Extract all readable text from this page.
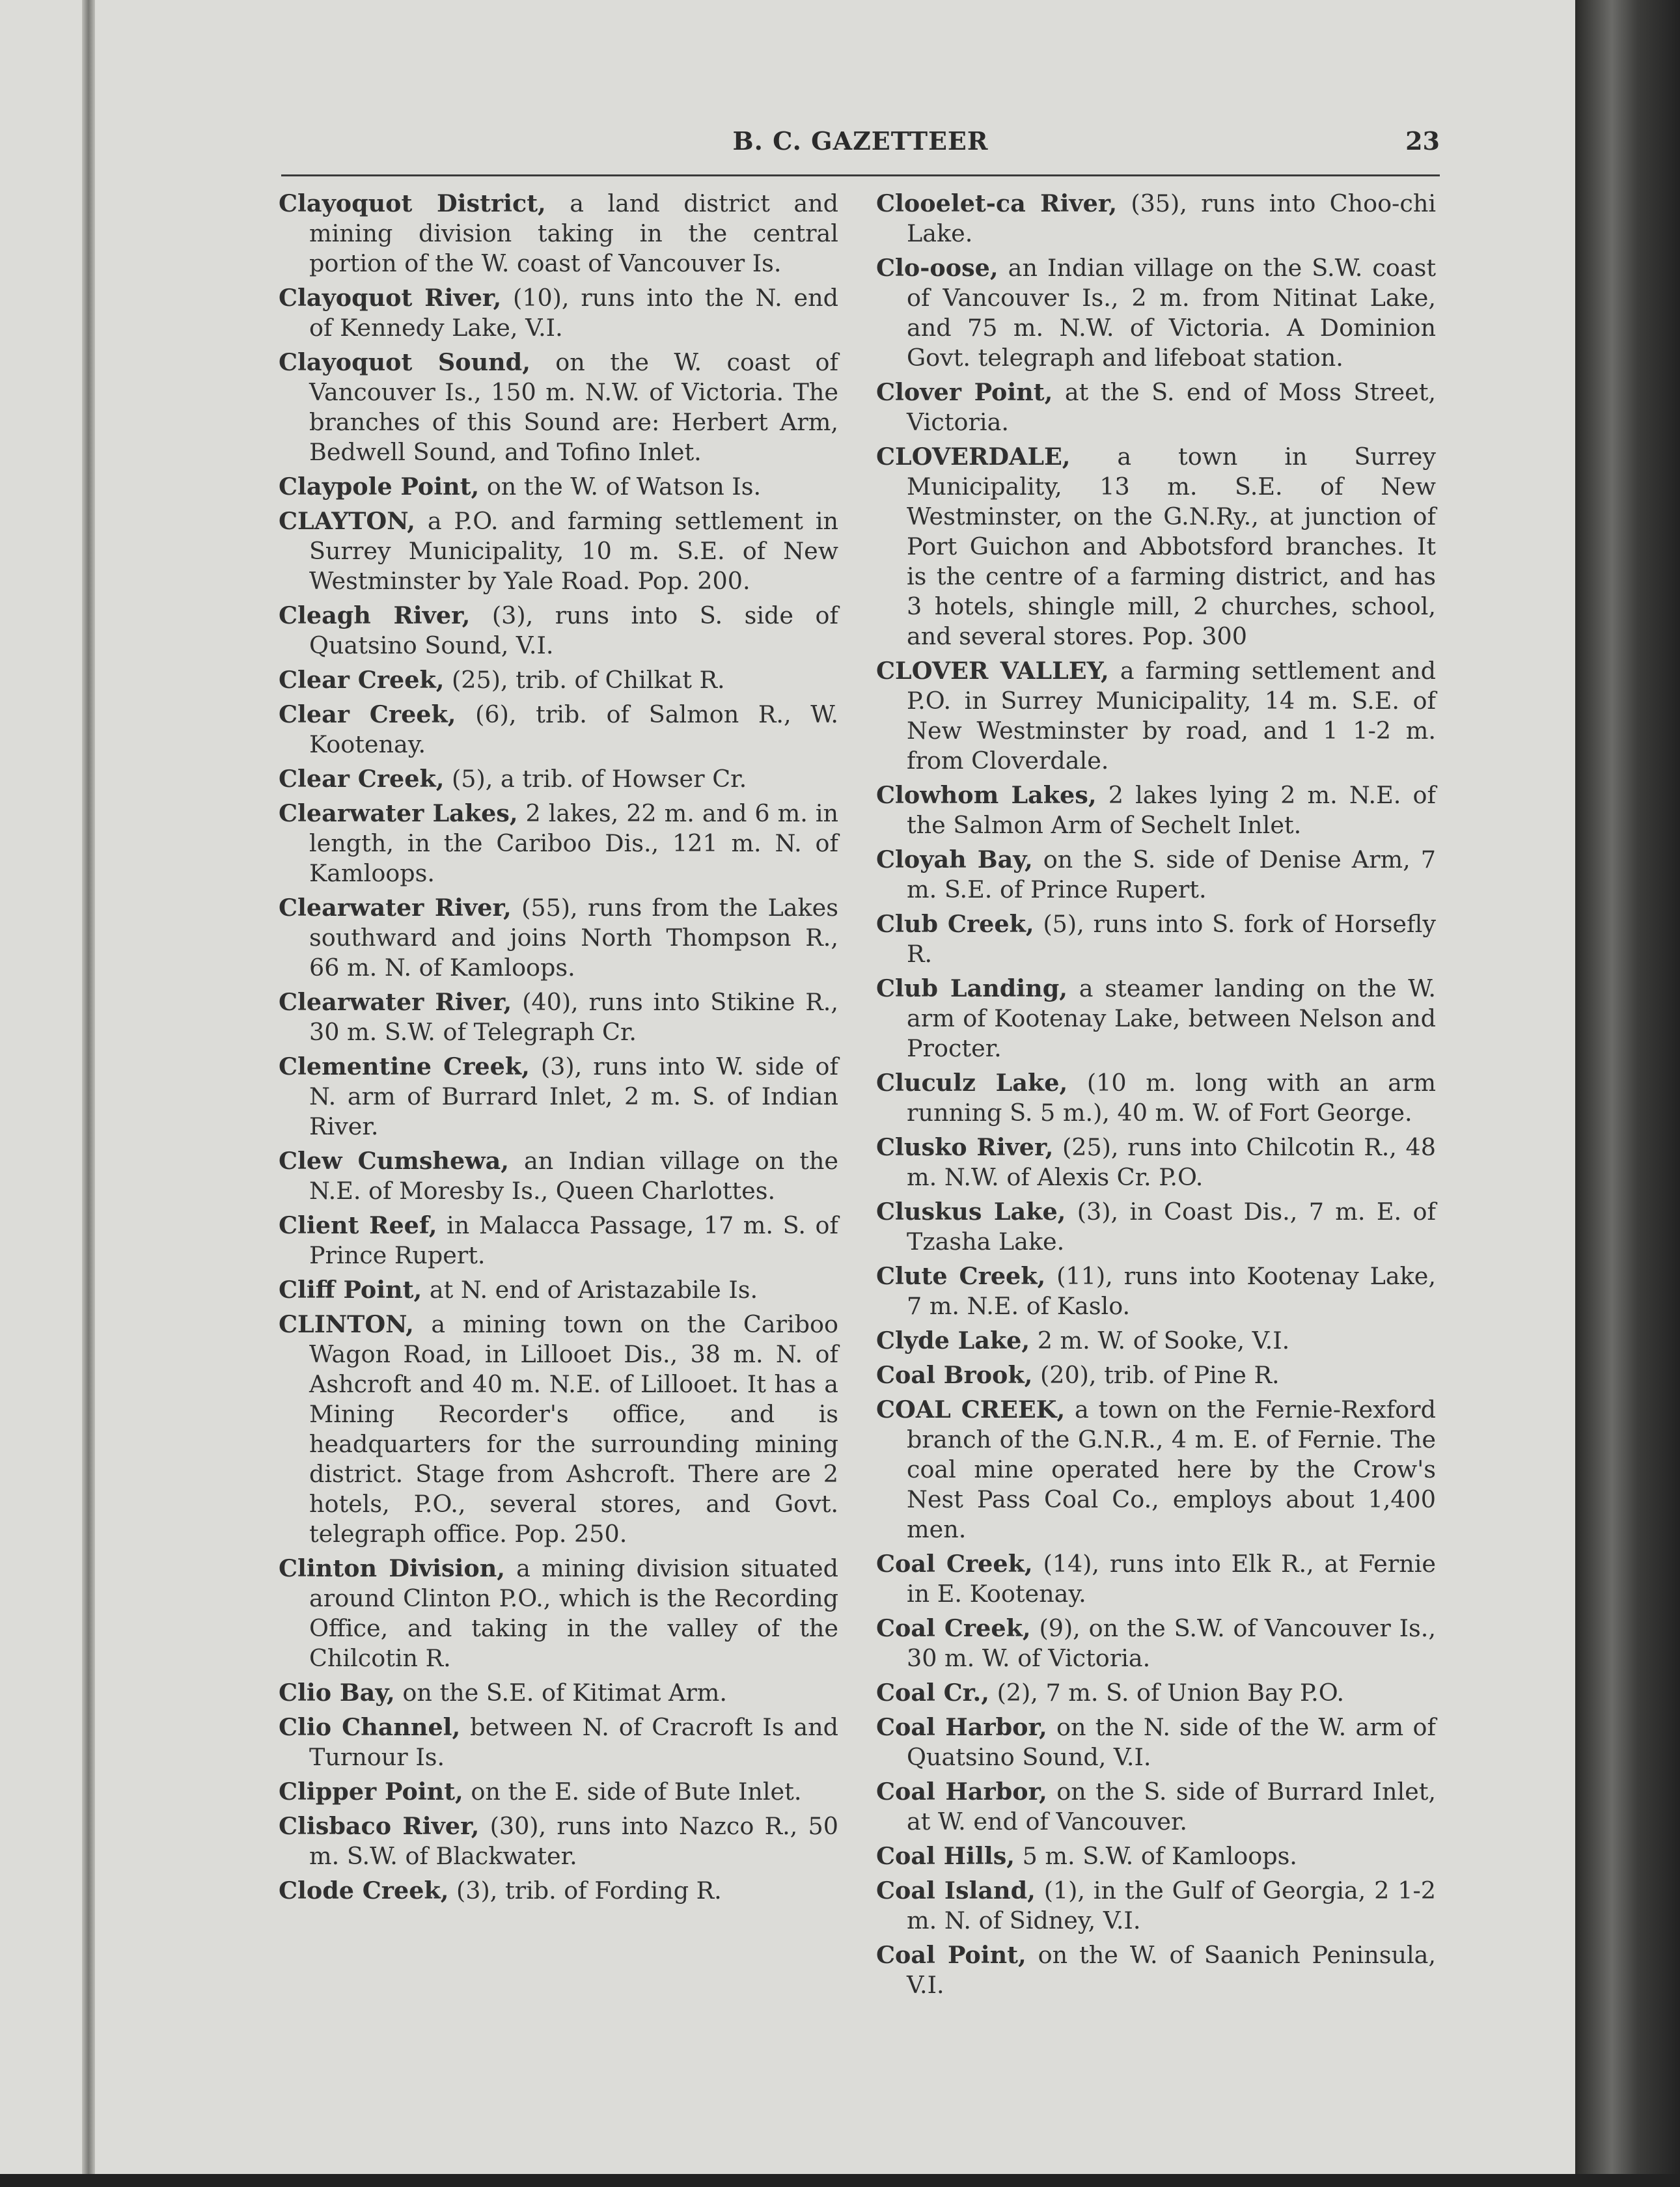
B. C. GAZETTEER	23

Clayoquot District, a land district and mining division taking in the central portion of the W. coast of Vancouver Is.

Clayoquot River, (10), runs into the N. end of Kennedy Lake, V.I.

Clayoquot Sound, on the W. coast of Vancouver Is., 150 m. N.W. of Victoria. The branches of this Sound are: Herbert Arm, Bedwell Sound, and Tofino Inlet.

Claypole Point, on the W. of Watson Is.

CLAYTON, a P.O. and farming settlement in Surrey Municipality, 10 m. S.E. of New Westminster by Yale Road. Pop. 200.

Cleagh River, (3), runs into S. side of Quatsino Sound, V.I.

Clear Creek, (25), trib. of Chilkat R.

Clear Creek, (6), trib. of Salmon R., W. Kootenay.

Clear Creek, (5), a trib. of Howser Cr.

Clearwater Lakes, 2 lakes, 22 m. and 6 m. in length, in the Cariboo Dis., 121 m. N. of Kamloops.

Clearwater River, (55), runs from the Lakes southward and joins North Thompson R., 66 m. N. of Kamloops.

Clearwater River, (40), runs into Stikine R., 30 m. S.W. of Telegraph Cr.

Clementine Creek, (3), runs into W. side of N. arm of Burrard Inlet, 2 m. S. of Indian River.

Clew Cumshewa, an Indian village on the N.E. of Moresby Is., Queen Charlottes.

Client Reef, in Malacca Passage, 17 m. S. of Prince Rupert.

Cliff Point, at N. end of Aristazabile Is.

CLINTON, a mining town on the Cariboo Wagon Road, in Lillooet Dis., 38 m. N. of Ashcroft and 40 m. N.E. of Lillooet. It has a Mining Recorder's office, and is headquarters for the surrounding mining district. Stage from Ashcroft. There are 2 hotels, P.O., several stores, and Govt. telegraph office. Pop. 250.

Clinton Division, a mining division situated around Clinton P.O., which is the Recording Office, and taking in the valley of the Chilcotin R.

Clio Bay, on the S.E. of Kitimat Arm.

Clio Channel, between N. of Cracroft Is and Turnour Is.

Clipper Point, on the E. side of Bute Inlet.

Clisbaco River, (30), runs into Nazco R., 50 m. S.W. of Blackwater.

Clode Creek, (3), trib. of Fording R.

Clooelet-ca River, (35), runs into Choo-chi Lake.

Clo-oose, an Indian village on the S.W. coast of Vancouver Is., 2 m. from Nitinat Lake, and 75 m. N.W. of Victoria. A Dominion Govt. telegraph and lifeboat station.

Clover Point, at the S. end of Moss Street, Victoria.

CLOVERDALE, a town in Surrey Municipality, 13 m. S.E. of New Westminster, on the G.N.Ry., at junction of Port Guichon and Abbotsford branches. It is the centre of a farming district, and has 3 hotels, shingle mill, 2 churches, school, and several stores. Pop. 300

CLOVER VALLEY, a farming settlement and P.O. in Surrey Municipality, 14 m. S.E. of New Westminster by road, and 1 1-2 m. from Cloverdale.

Clowhom Lakes, 2 lakes lying 2 m. N.E. of the Salmon Arm of Sechelt Inlet.

Cloyah Bay, on the S. side of Denise Arm, 7 m. S.E. of Prince Rupert.

Club Creek, (5), runs into S. fork of Horsefly R.

Club Landing, a steamer landing on the W. arm of Kootenay Lake, between Nelson and Procter.

Cluculz Lake, (10 m. long with an arm running S. 5 m.), 40 m. W. of Fort George.

Clusko River, (25), runs into Chilcotin R., 48 m. N.W. of Alexis Cr. P.O.

Cluskus Lake, (3), in Coast Dis., 7 m. E. of Tzasha Lake.

Clute Creek, (11), runs into Kootenay Lake, 7 m. N.E. of Kaslo.

Clyde Lake, 2 m. W. of Sooke, V.I.

Coal Brook, (20), trib. of Pine R.

COAL CREEK, a town on the Fernie-Rexford branch of the G.N.R., 4 m. E. of Fernie. The coal mine operated here by the Crow's Nest Pass Coal Co., employs about 1,400 men.

Coal Creek, (14), runs into Elk R., at Fernie in E. Kootenay.

Coal Creek, (9), on the S.W. of Vancouver Is., 30 m. W. of Victoria.

Coal Cr., (2), 7 m. S. of Union Bay P.O.

Coal Harbor, on the N. side of the W. arm of Quatsino Sound, V.I.

Coal Harbor, on the S. side of Burrard Inlet, at W. end of Vancouver.

Coal Hills, 5 m. S.W. of Kamloops.

Coal Island, (1), in the Gulf of Georgia, 2 1-2 m. N. of Sidney, V.I.

Coal Point, on the W. of Saanich Peninsula, V.I.
